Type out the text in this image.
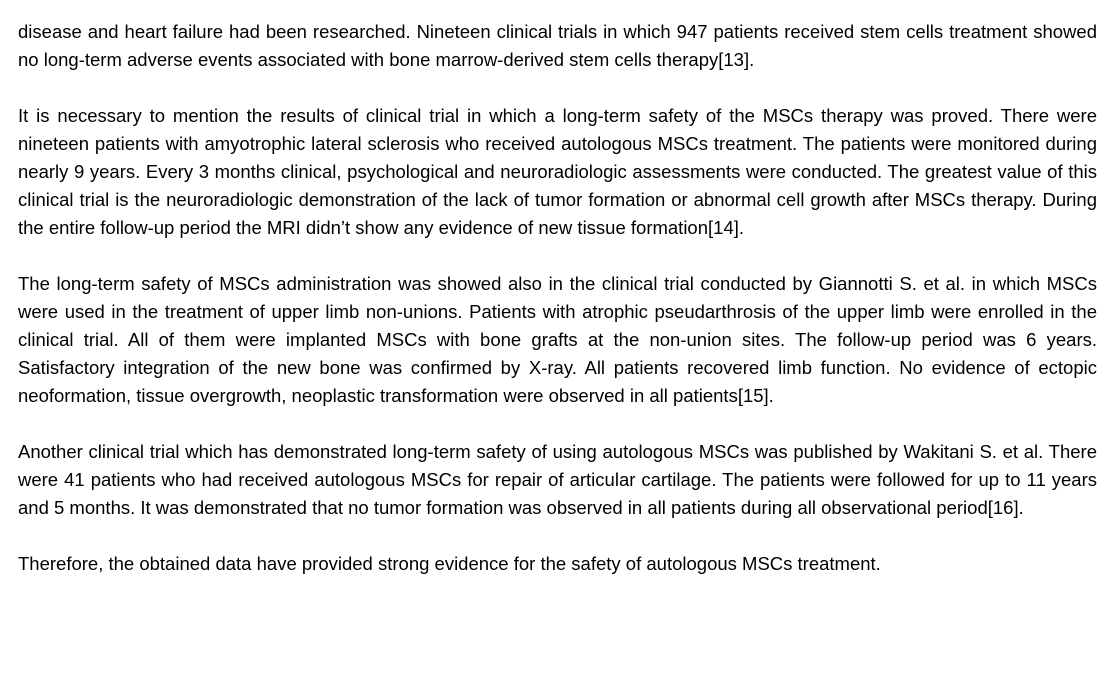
disease and heart failure had been researched. Nineteen clinical trials in which 947 patients received stem cells treatment showed no long-term adverse events associated with bone marrow-derived stem cells therapy[13].

It is necessary to mention the results of clinical trial in which a long-term safety of the MSCs therapy was proved. There were nineteen patients with amyotrophic lateral sclerosis who received autologous MSCs treatment. The patients were monitored during nearly 9 years. Every 3 months clinical, psychological and neuroradiologic assessments were conducted. The greatest value of this clinical trial is the neuroradiologic demonstration of the lack of tumor formation or abnormal cell growth after MSCs therapy. During the entire follow-up period the MRI didn’t show any evidence of new tissue formation[14].

The long-term safety of MSCs administration was showed also in the clinical trial conducted by Giannotti S. et al. in which MSCs were used in the treatment of upper limb non-unions. Patients with atrophic pseudarthrosis of the upper limb were enrolled in the clinical trial. All of them were implanted MSCs with bone grafts at the non-union sites. The follow-up period was 6 years. Satisfactory integration of the new bone was confirmed by X-ray. All patients recovered limb function. No evidence of ectopic neoformation, tissue overgrowth, neoplastic transformation were observed in all patients[15].

Another clinical trial which has demonstrated long-term safety of using autologous MSCs was published by Wakitani S. et al. There were 41 patients who had received autologous MSCs for repair of articular cartilage. The patients were followed for up to 11 years and 5 months. It was demonstrated that no tumor formation was observed in all patients during all observational period[16].

Therefore, the obtained data have provided strong evidence for the safety of autologous MSCs treatment.
